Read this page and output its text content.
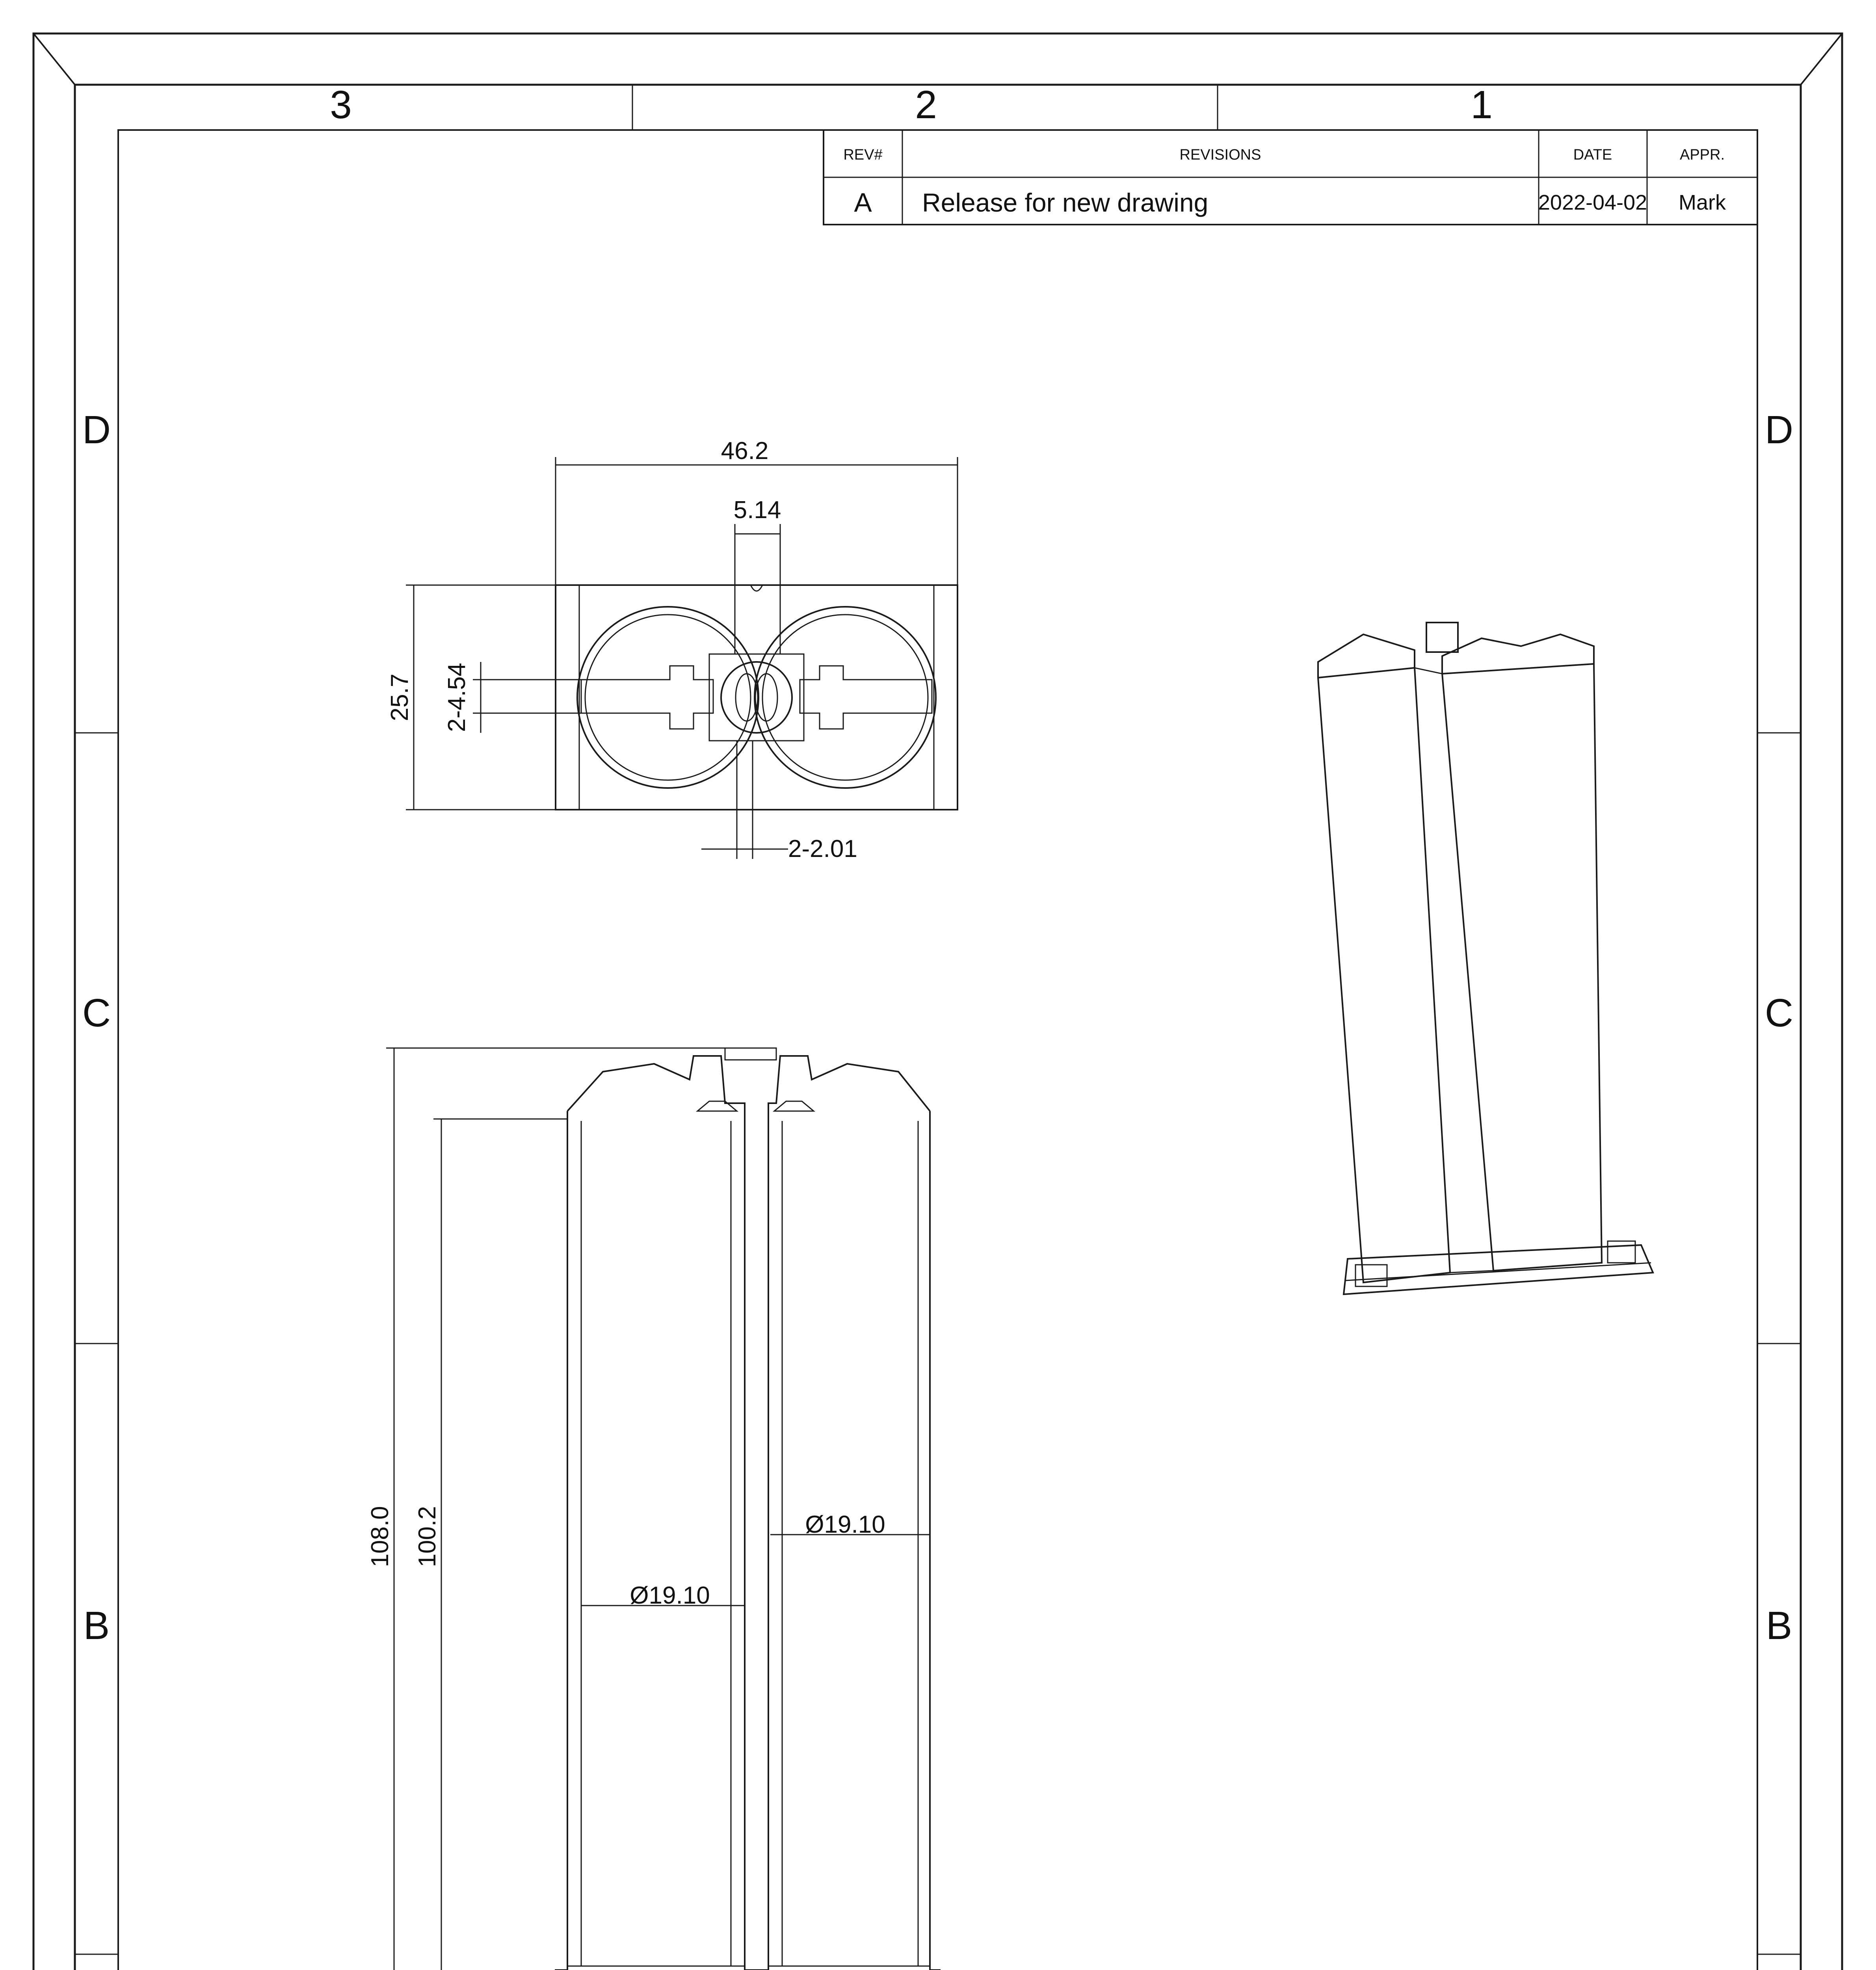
3	2	1
D
C
B
D
C
B
REV#	REVISIONS	DATE	APPR.
A Release for new drawing	2022-04-02 Mark
46.2
5.14
25.7 2-4.54
2-2.01
108.0 100.2
Ø19.10
Ø19.10
